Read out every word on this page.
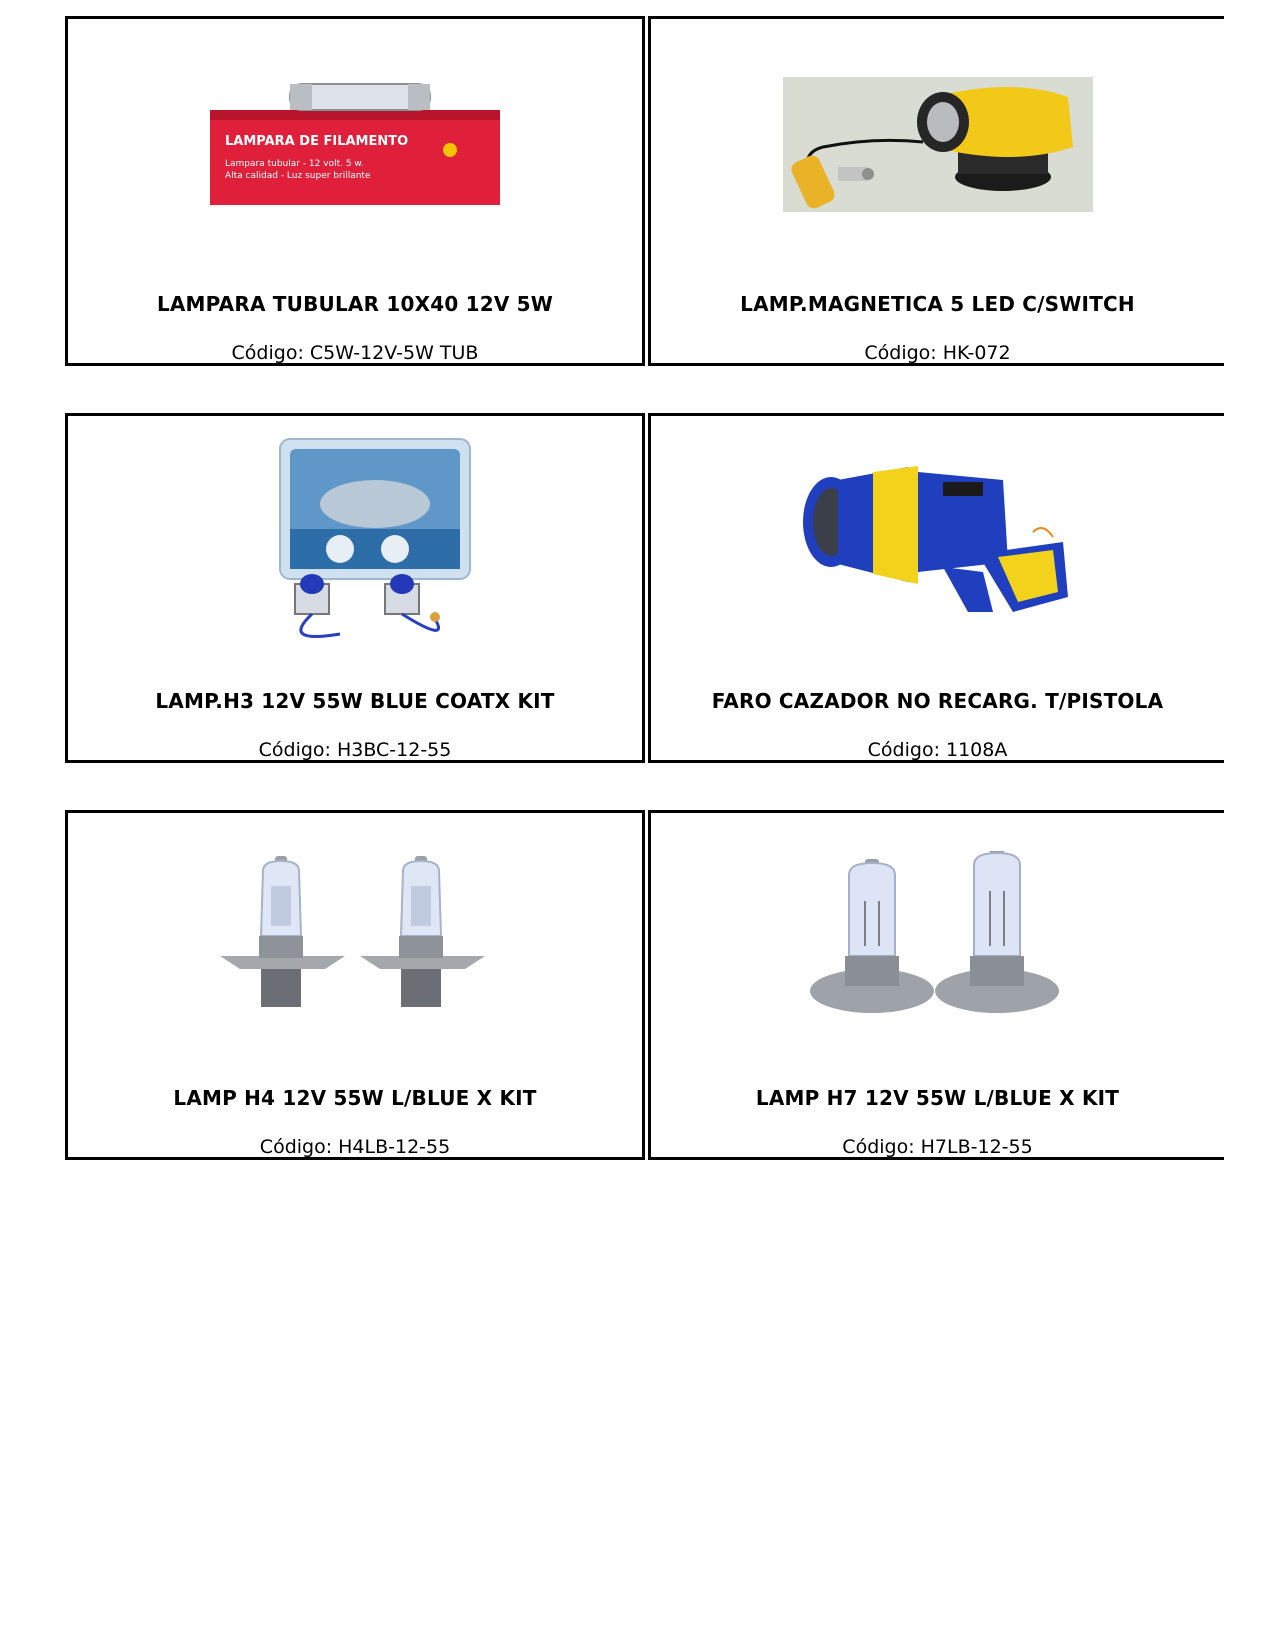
LAMPARA DE FILAMENTO
Lampara tubular - 12 volt. 5 w.
Alta calidad - Luz super brillante
LAMPARA TUBULAR 10X40 12V 5W
Código: C5W-12V-5W TUB
LAMP.MAGNETICA 5 LED C/SWITCH
Código: HK-072
LAMP.H3 12V 55W BLUE COATX KIT
Código: H3BC-12-55
FARO CAZADOR NO RECARG. T/PISTOLA
Código: 1108A
LAMP H4 12V 55W L/BLUE X KIT
Código: H4LB-12-55
LAMP H7 12V 55W L/BLUE X KIT
Código: H7LB-12-55
